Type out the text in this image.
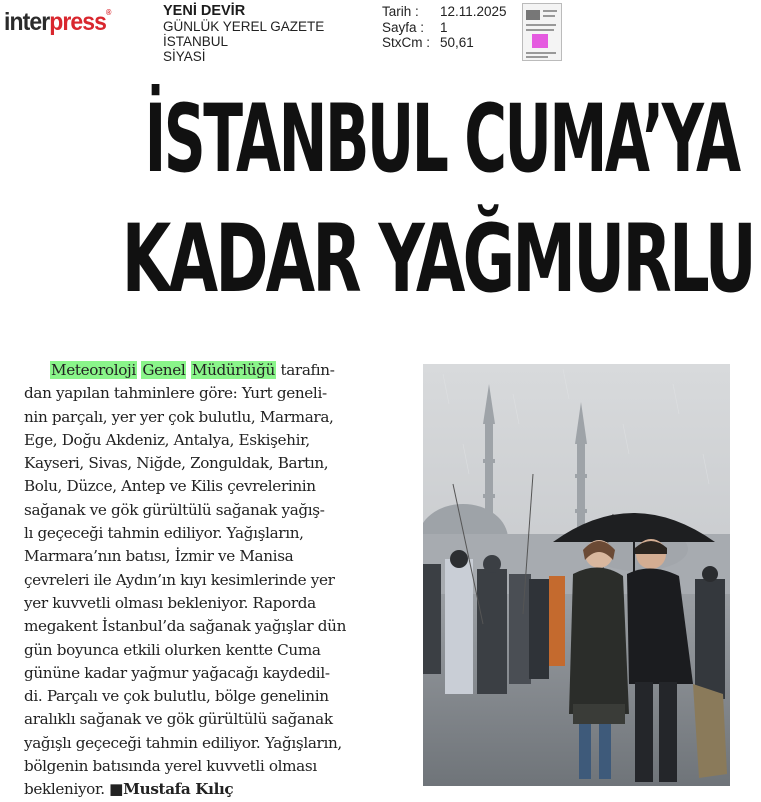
interpress®	YENİ DEVİR
GÜNLÜK YEREL GAZETE
İSTANBUL
SİYASİ
Tarih :	12.11.2025
Sayfa :	1
StxCm : 50,61
İSTANBUL CUMA’YA
KADAR YAĞMURLU
Meteoroloji Genel Müdürlüğü tarafın-
dan yapılan tahminlere göre: Yurt geneli-
nin parçalı, yer yer çok bulutlu, Marmara,
Ege, Doğu Akdeniz, Antalya, Eskişehir,
Kayseri, Sivas, Niğde, Zonguldak, Bartın,
Bolu, Düzce, Antep ve Kilis çevrelerinin
sağanak ve gök gürültülü sağanak yağış-
lı geçeceği tahmin ediliyor. Yağışların,
Marmara’nın batısı, İzmir ve Manisa
çevreleri ile Aydın’ın kıyı kesimlerinde yer
yer kuvvetli olması bekleniyor. Raporda
megakent İstanbul’da sağanak yağışlar dün
gün boyunca etkili olurken kentte Cuma
gününe kadar yağmur yağacağı kaydedil-
di. Parçalı ve çok bulutlu, bölge genelinin
aralıklı sağanak ve gök gürültülü sağanak
yağışlı geçeceği tahmin ediliyor. Yağışların,
bölgenin batısında yerel kuvvetli olması
bekleniyor. ■Mustafa Kılıç
